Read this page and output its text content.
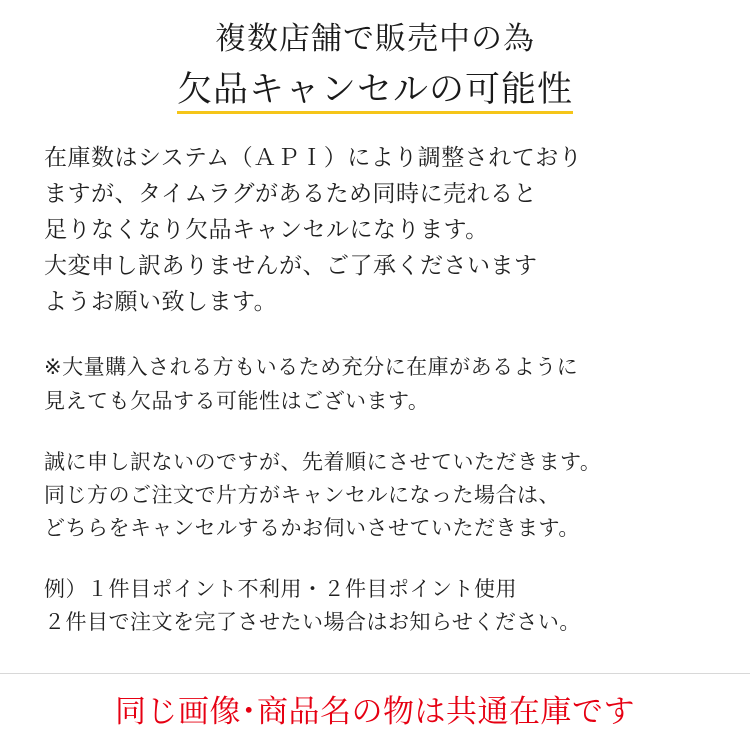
複数店舗で販売中の為
欠品キャンセルの可能性

在庫数はシステム（ＡＰＩ）により調整されており
ますが、タイムラグがあるため同時に売れると
足りなくなり欠品キャンセルになります。
大変申し訳ありませんが、ご了承くださいます
ようお願い致します。

※大量購入される方もいるため充分に在庫があるように
見えても欠品する可能性はございます。

誠に申し訳ないのですが、先着順にさせていただきます。
同じ方のご注文で片方がキャンセルになった場合は、
どちらをキャンセルするかお伺いさせていただきます。

例）１件目ポイント不利用・２件目ポイント使用
２件目で注文を完了させたい場合はお知らせください。

同じ画像･商品名の物は共通在庫です
